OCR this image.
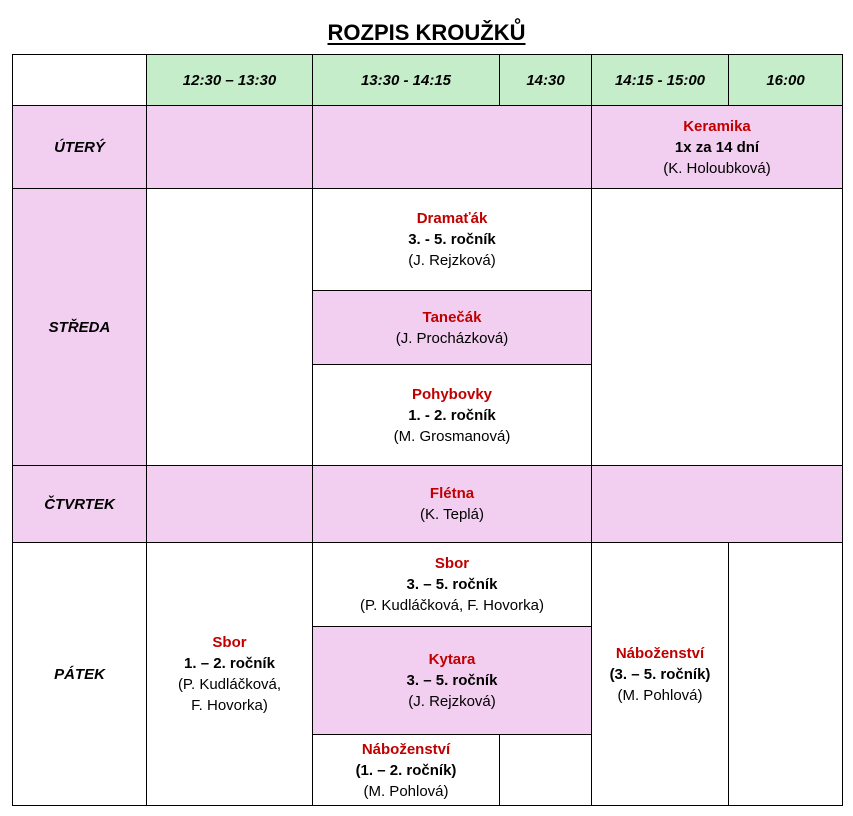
ROZPIS KROUŽKŮ
	12:30 – 13:30	13:30 - 14:15	14:30	14:15 - 15:00	16:00
ÚTERÝ				Keramika
1x za 14 dní
(K. Holoubková)	

STŘEDA		Dramaťák
3. - 5. ročník
(J. Rejzková)			

		Tanečák
(J. Procházková)			

		Pohybovky
1. - 2. ročník
(M. Grosmanová)			

ČTVRTEK		Flétna
(K. Teplá)			

PÁTEK	Sbor
1. – 2. ročník
(P. Kudláčková,
F. Hovorka)	Sbor
3. – 5. ročník
(P. Kudláčková, F. Hovorka)		Náboženství
(3. – 5. ročník)
(M. Pohlová)	

		Kytara
3. – 5. ročník
(J. Rejzková)			

		Náboženství
(1. – 2. ročník)
(M. Pohlová)			
